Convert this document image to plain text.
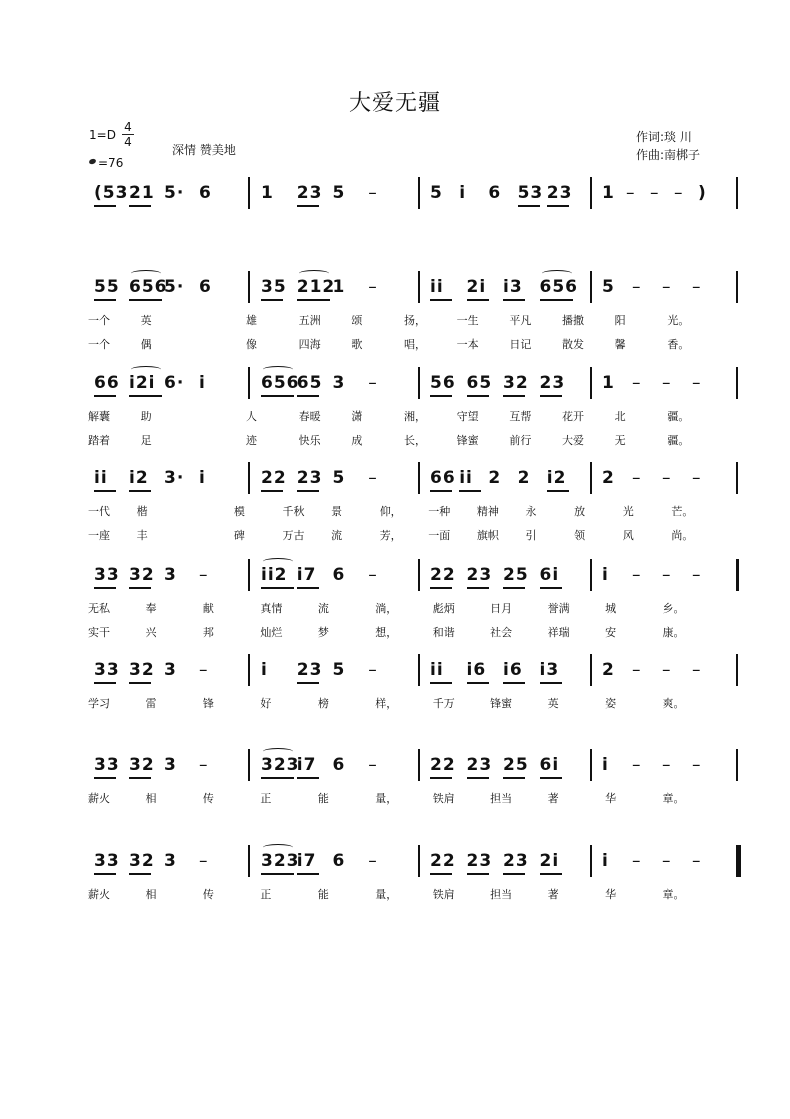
大爱无疆
$1=D \frac{4}{4}$
=76
深情 赞美地
作词:琰 川
作曲:南梆子
(53 21 5· 6	1 23 5 –	5 i 6 53 23 1 – – – )
55 656
5· 6	35 212
1 –	ii 2i i3 656 5 – – –
一个	英	雄	五洲	颂	扬，	一生	平凡	播撒	阳	光。
一个	偶	像	四海	歌	唱，	一本	日记	散发	馨	香。
66 i2i 6· i	656
65 3 –	56 65 32 23 1 – – –
解囊	助	人	春暖	潇	湘，	守望	互帮	花开	北	疆。
踏着	足	迹	快乐	成	长，	锋蜜	前行	大爱	无	疆。
ii i2 3· i	22 23 5 –	66 ii 2 2 i2 2 – – –
一代 楷	模	千秋 景	仰， 一种 精神 永	放	光	芒。
一座 丰	碑	万古 流	芳， 一面 旗帜 引	领	风	尚。
33 32 3 –	ii2 i7 6 –	22 23 25 6i	i – – –
无私	奉	献	真情	流	淌，	彪炳	日月	誉满	城	乡。
实干	兴	邦	灿烂	梦	想，	和谐	社会	祥瑞	安	康。
33 32 3 –	i 23 5 –	ii i6 i6 i3	2 – – –
学习	雷	锋	好	榜	样，	千万	锋蜜	英	姿	爽。
33 32 3 –	323
i7 6 –	22 23 25 6i	i – – –
薪火	相	传	正	能	量，	铁肩	担当	著	华	章。
33 32 3 –	323
i7 6 –	22 23 23 2i	i – – –
薪火	相	传	正	能	量，	铁肩	担当	著	华	章。
